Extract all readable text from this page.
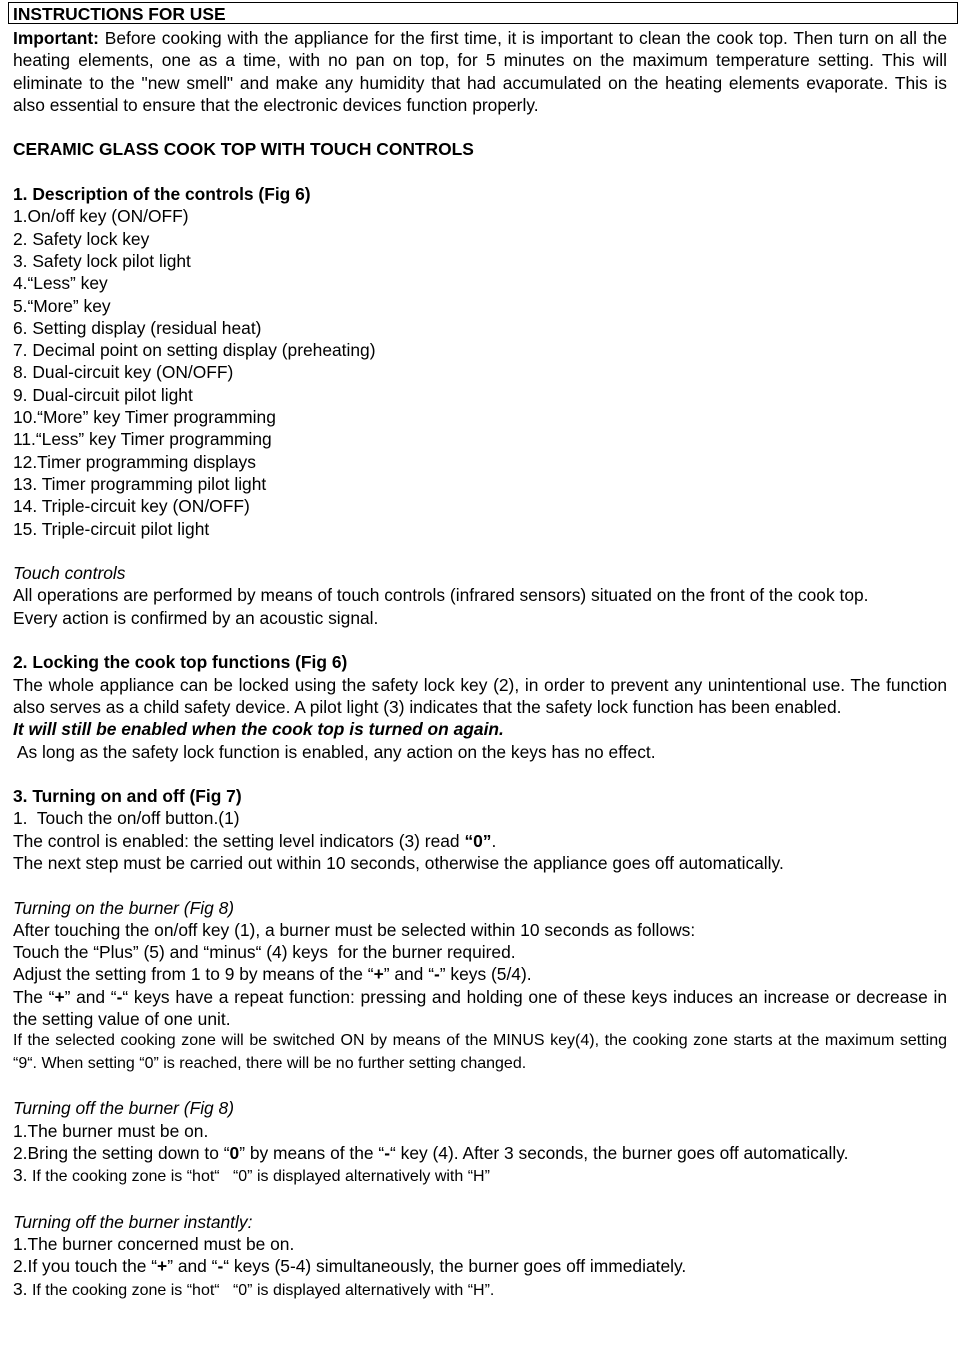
INSTRUCTIONS FOR USE

Important: Before cooking with the appliance for the first time, it is important to clean the cook top. Then turn on all the heating elements, one as a time, with no pan on top, for 5 minutes on the maximum temperature setting. This will eliminate to the "new smell" and make any humidity that had accumulated on the heating elements evaporate. This is also essential to ensure that the electronic devices function properly.

CERAMIC GLASS COOK TOP WITH TOUCH CONTROLS

1. Description of the controls (Fig 6)

1.On/off key (ON/OFF)

2. Safety lock key

3. Safety lock pilot light

4.“Less” key

5.“More” key

6. Setting display (residual heat)

7. Decimal point on setting display (preheating)

8. Dual-circuit key (ON/OFF)

9. Dual-circuit pilot light

10.“More” key Timer programming

11.“Less” key Timer programming

12.Timer programming displays

13. Timer programming pilot light

14. Triple-circuit key (ON/OFF)

15. Triple-circuit pilot light

Touch controls

All operations are performed by means of touch controls (infrared sensors) situated on the front of the cook top.

Every action is confirmed by an acoustic signal.

2. Locking the cook top functions (Fig 6)

The whole appliance can be locked using the safety lock key (2), in order to prevent any unintentional use. The function also serves as a child safety device. A pilot light (3) indicates that the safety lock function has been enabled.

It will still be enabled when the cook top is turned on again.

As long as the safety lock function is enabled, any action on the keys has no effect.

3. Turning on and off (Fig 7)

1.  Touch the on/off button.(1)

The control is enabled: the setting level indicators (3) read “0”.

The next step must be carried out within 10 seconds, otherwise the appliance goes off automatically.

Turning on the burner (Fig 8)

After touching the on/off key (1), a burner must be selected within 10 seconds as follows:

Touch the “Plus” (5) and “minus“ (4) keys  for the burner required.

Adjust the setting from 1 to 9 by means of the “+” and “-” keys (5/4).

The “+” and “-“ keys have a repeat function: pressing and holding one of these keys induces an increase or decrease in the setting value of one unit.

If the selected cooking zone will be switched ON by means of the MINUS key(4), the cooking zone starts at the maximum setting “9“. When setting “0” is reached, there will be no further setting changed.

Turning off the burner (Fig 8)

1.The burner must be on.

2.Bring the setting down to “0” by means of the “-“ key (4). After 3 seconds, the burner goes off automatically.

3. If the cooking zone is “hot“   “0” is displayed alternatively with “H”

Turning off the burner instantly:

1.The burner concerned must be on.

2.If you touch the “+” and “-“ keys (5-4) simultaneously, the burner goes off immediately.

3. If the cooking zone is “hot“   “0” is displayed alternatively with “H”.
